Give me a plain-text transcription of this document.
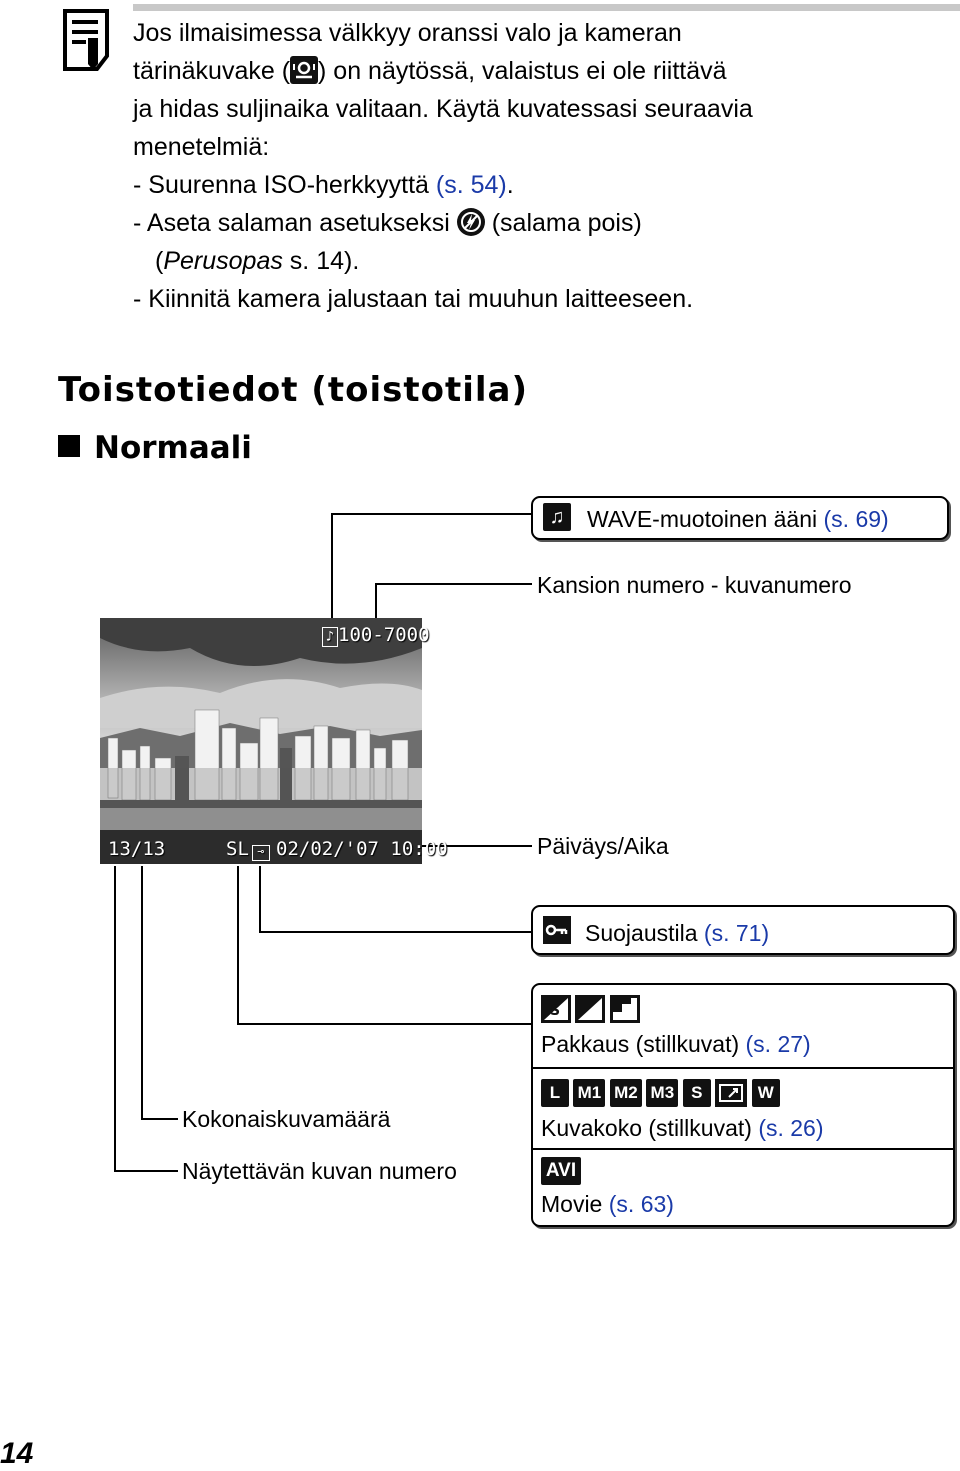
Jos ilmaisimessa välkkyy oranssi valo ja kameran
tärinäkuvake ( ) on näytössä, valaistus ei ole riittävä
ja hidas suljinaika valitaan. Käytä kuvatessasi seuraavia
menetelmiä:
- Suurenna ISO-herkkyyttä (s. 54).
- Aseta salaman asetukseksi  (salama pois)
(Perusopas s. 14).
- Kiinnitä kamera jalustaan tai muuhun laitteeseen.
Toistotiedot (toistotila)
Normaali
♪ 100-7000
13/13	SL ⊸ 02/02/'07 10:00
♫ WAVE-muotoinen ääni (s. 69)
Kansion numero - kuvanumero
Päiväys/Aika
Suojaustila (s. 71)
S

Pakkaus (stillkuvat) (s. 27)
L M1 M2 M3 S	W
Kuvakoko (stillkuvat) (s. 26)
AVI
Movie (s. 63)
Kokonaiskuvamäärä
Näytettävän kuvan numero
14
